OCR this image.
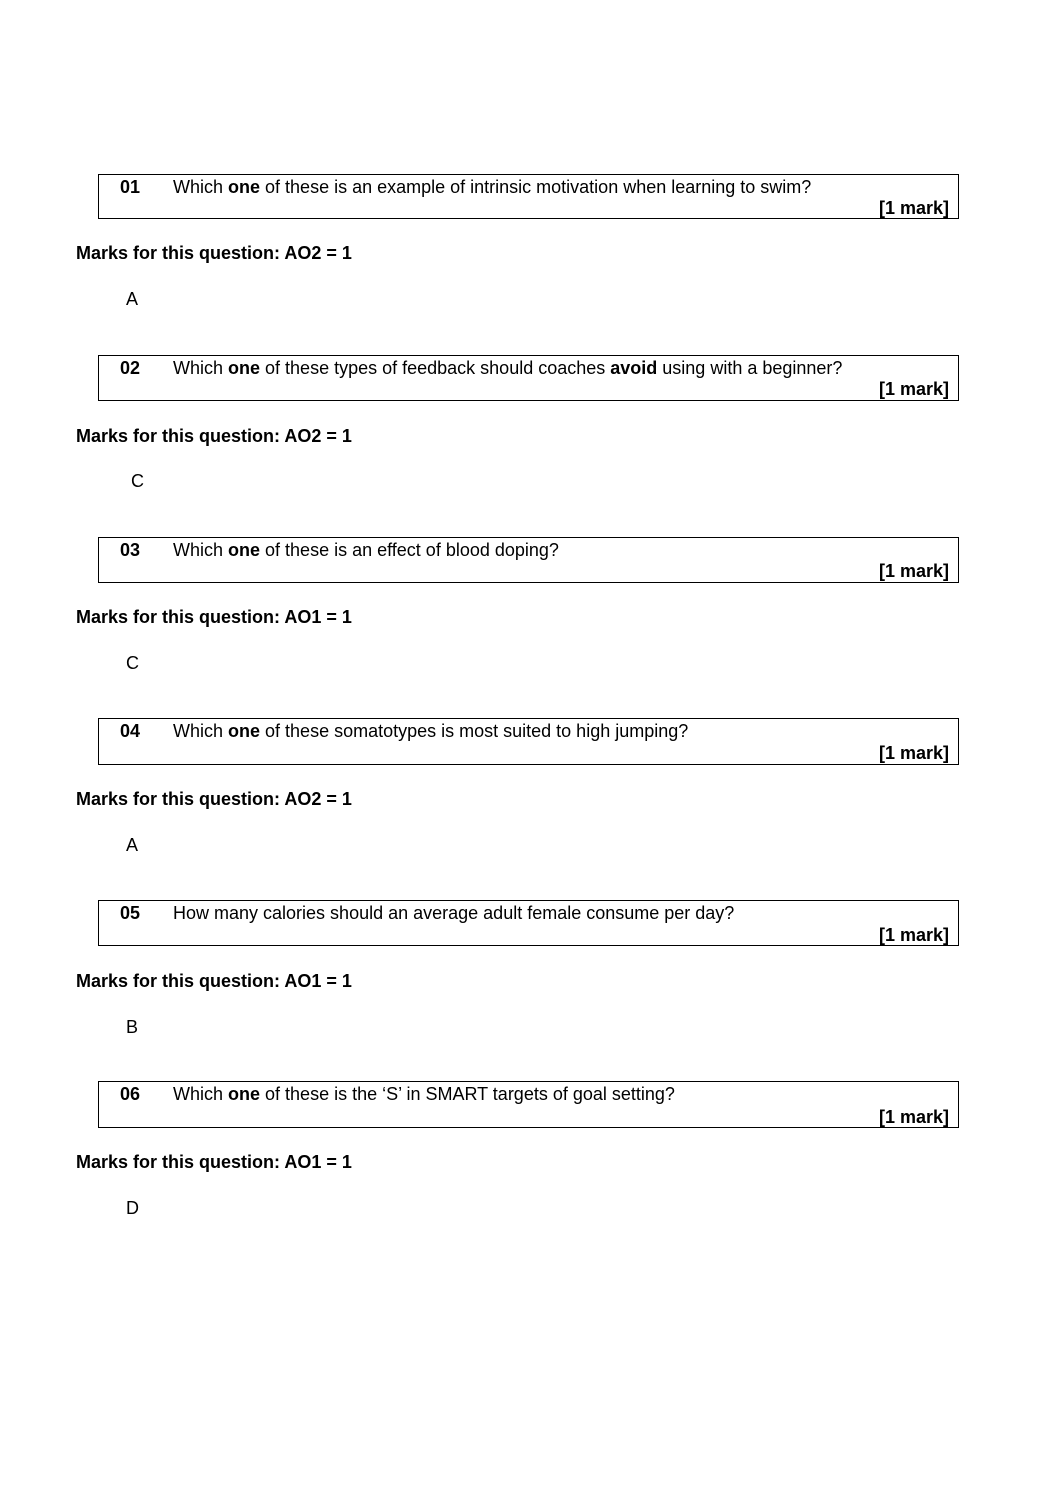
01 Which one of these is an example of intrinsic motivation when learning to swim?
[1 mark]
Marks for this question: AO2 = 1
A
02 Which one of these types of feedback should coaches avoid using with a beginner?
[1 mark]
Marks for this question: AO2 = 1
C
03 Which one of these is an effect of blood doping?
[1 mark]
Marks for this question: AO1 = 1
C
04 Which one of these somatotypes is most suited to high jumping?
[1 mark]
Marks for this question: AO2 = 1
A
05 How many calories should an average adult female consume per day?
[1 mark]
Marks for this question: AO1 = 1
B
06 Which one of these is the ‘S’ in SMART targets of goal setting?
[1 mark]
Marks for this question: AO1 = 1
D
